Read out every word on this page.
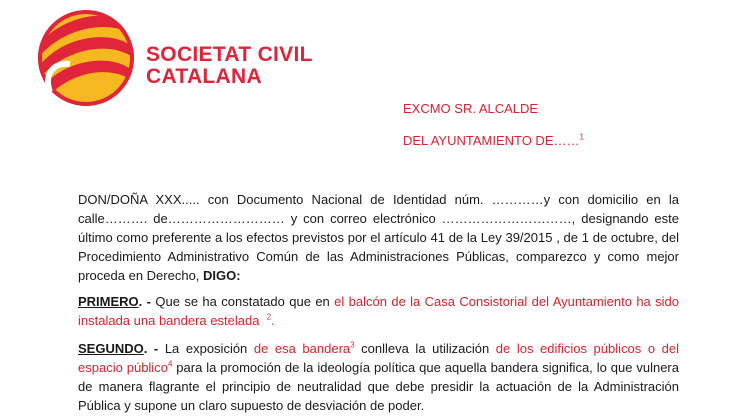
SOCIETAT CIVIL
CATALANA
EXCMO SR. ALCALDE
DEL AYUNTAMIENTO DE……$^1$

DON/DOÑA XXX..... con Documento Nacional de Identidad núm. …………y con domicilio en la calle………. de……………………… y con correo electrónico …………………………, designando este último como preferente a los efectos previstos por el artículo 41 de la Ley 39/2015 , de 1 de octubre, del Procedimiento Administrativo Común de las Administraciones Públicas, comparezco y como mejor proceda en Derecho, DIGO:

PRIMERO. - Que se ha constatado que en el balcón de la Casa Consistorial del Ayuntamiento ha sido instalada una bandera estelada $^2$.

SEGUNDO. - La exposición de esa bandera$^3$ conlleva la utilización de los edificios públicos o del espacio público$^4$ para la promoción de la ideología política que aquella bandera significa, lo que vulnera de manera flagrante el principio de neutralidad que debe presidir la actuación de la Administración Pública y supone un claro supuesto de desviación de poder.
